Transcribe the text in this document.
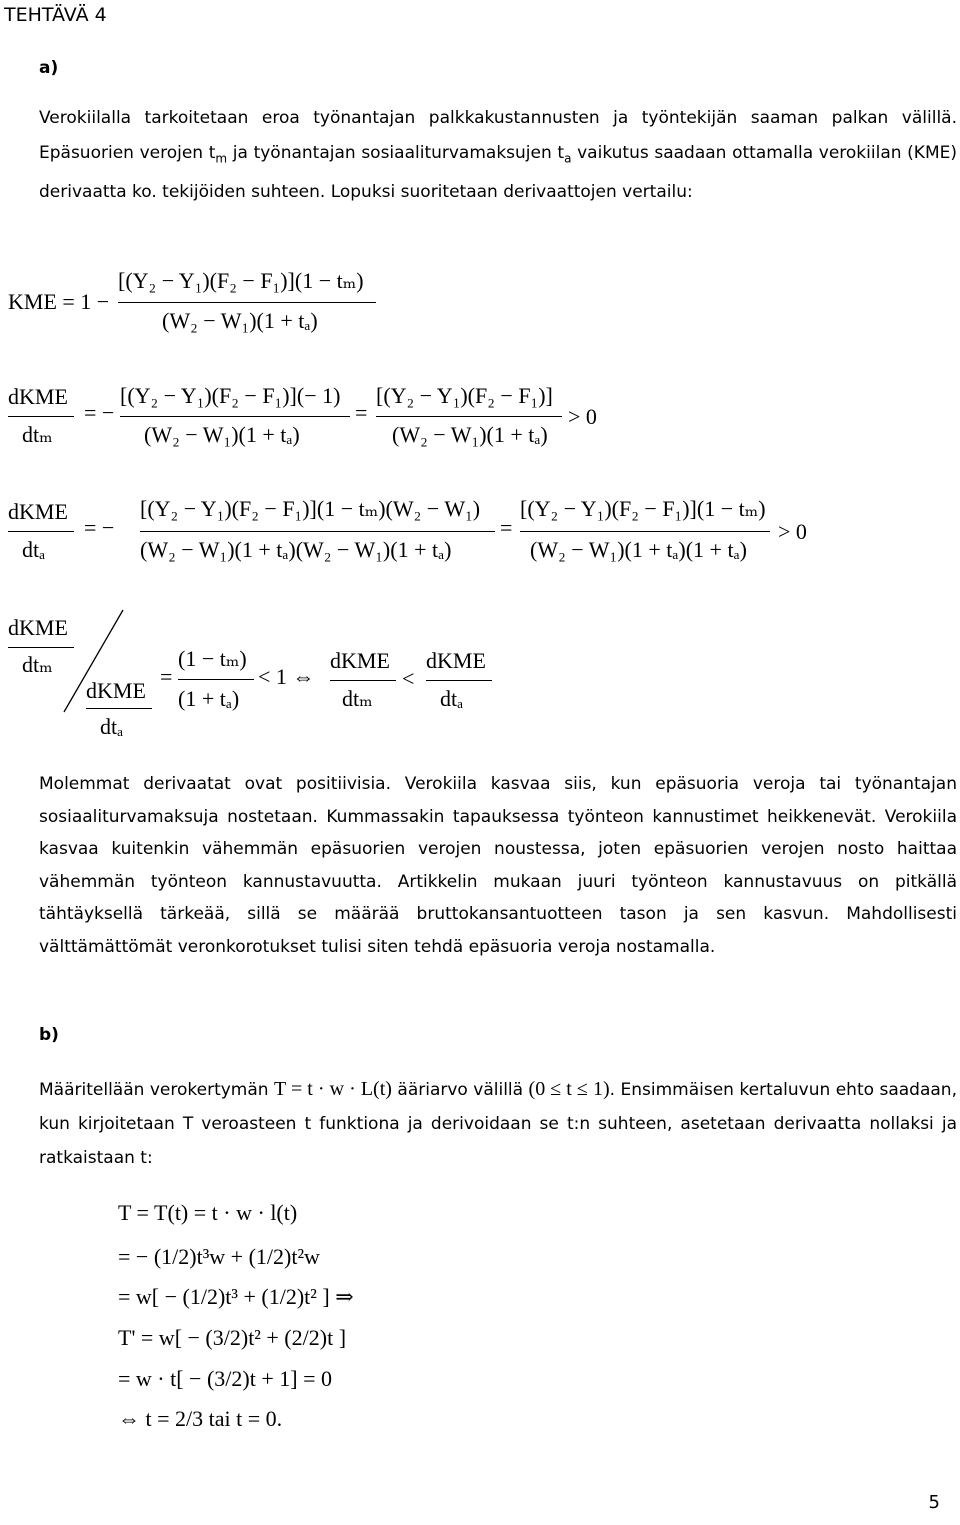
TEHTÄVÄ 4
a)
Verokiilalla tarkoitetaan eroa työnantajan palkkakustannusten ja työntekijän saaman palkan välillä. Epäsuorien verojen $t_m$ ja työnantajan sosiaaliturvamaksujen $t_a$ vaikutus saadaan ottamalla verokiilan (KME) derivaatta ko. tekijöiden suhteen. Lopuksi suoritetaan derivaattojen vertailu:
KME = 1 −
[(Y₂ − Y₁)(F₂ − F₁)](1 − tₘ)
(W₂ − W₁)(1 + tₐ)
dKME
dtₘ
= −
[(Y₂ − Y₁)(F₂ − F₁)](− 1)
(W₂ − W₁)(1 + tₐ)
=
[(Y₂ − Y₁)(F₂ − F₁)]
(W₂ − W₁)(1 + tₐ)
> 0
dKME
dtₐ
= −
[(Y₂ − Y₁)(F₂ − F₁)](1 − tₘ)(W₂ − W₁)
(W₂ − W₁)(1 + tₐ)(W₂ − W₁)(1 + tₐ)
=
[(Y₂ − Y₁)(F₂ − F₁)](1 − tₘ)
(W₂ − W₁)(1 + tₐ)(1 + tₐ)
> 0
dKME
dtₘ
dKME
dtₐ
=
(1 − tₘ)
(1 + tₐ)
< 1 ⇔
dKME
dtₘ
<
dKME
dtₐ
Molemmat derivaatat ovat positiivisia. Verokiila kasvaa siis, kun epäsuoria veroja tai työnantajan sosiaaliturvamaksuja nostetaan. Kummassakin tapauksessa työnteon kannustimet heikkenevät. Verokiila kasvaa kuitenkin vähemmän epäsuorien verojen noustessa, joten epäsuorien verojen nosto haittaa vähemmän työnteon kannustavuutta. Artikkelin mukaan juuri työnteon kannustavuus on pitkällä tähtäyksellä tärkeää, sillä se määrää bruttokansantuotteen tason ja sen kasvun. Mahdollisesti välttämättömät veronkorotukset tulisi siten tehdä epäsuoria veroja nostamalla.
b)
Määritellään verokertymän T = t · w · L(t) ääriarvo välillä (0 ≤ t ≤ 1). Ensimmäisen kertaluvun ehto saadaan, kun kirjoitetaan T veroasteen t funktiona ja derivoidaan se t:n suhteen, asetetaan derivaatta nollaksi ja ratkaistaan t:
T = T(t) = t · w · l(t)
= − (1/2)t³w + (1/2)t²w
= w[ − (1/2)t³ + (1/2)t² ] ⇒
T' = w[ − (3/2)t² + (2/2)t ]
= w · t[ − (3/2)t + 1] = 0
⇔ t = 2/3 tai t = 0.
5
